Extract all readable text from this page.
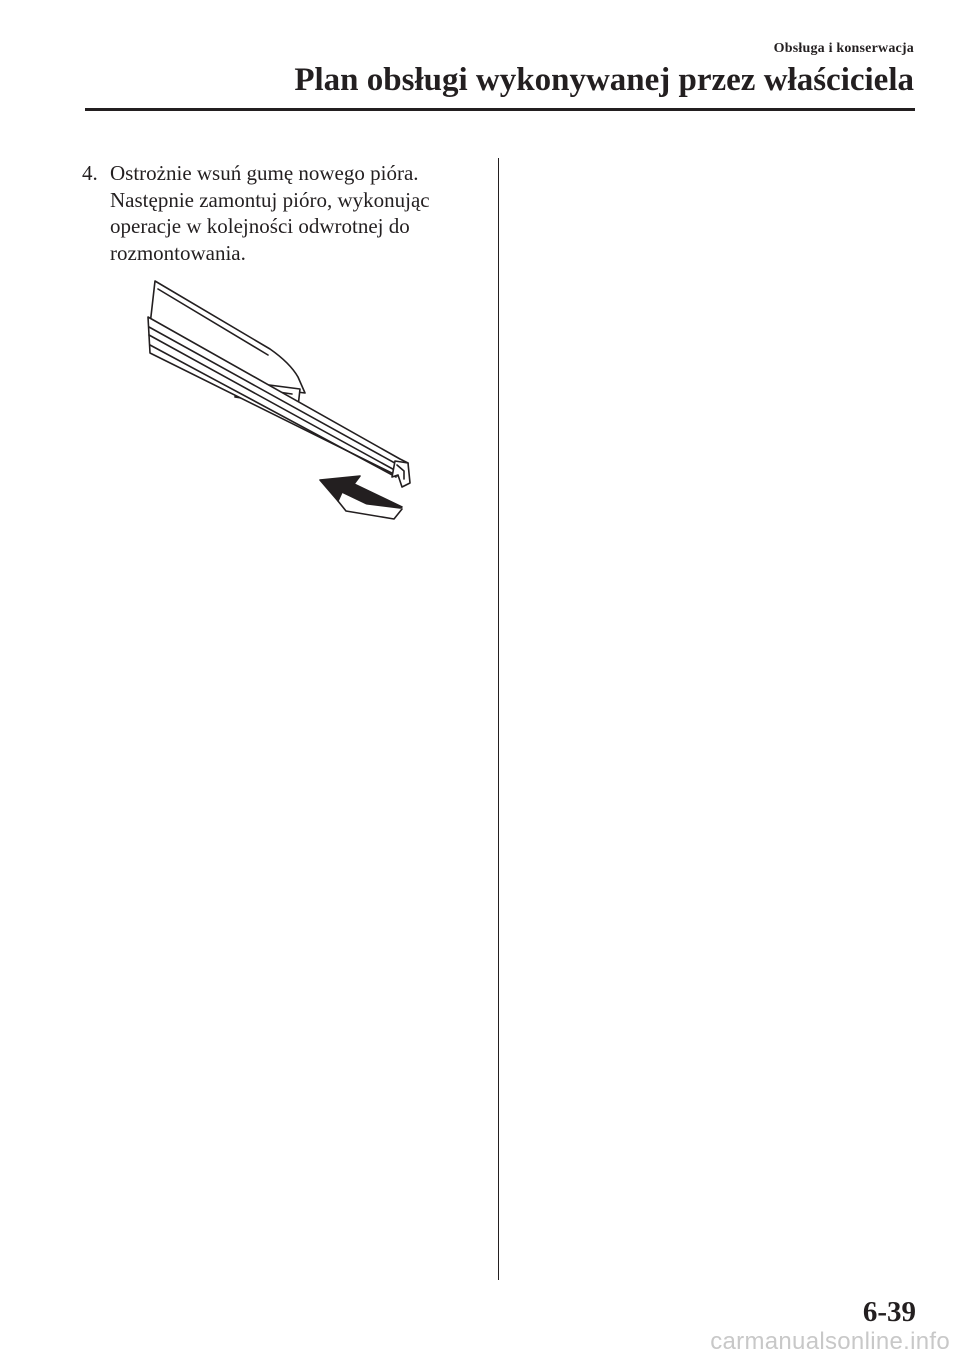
Obsługa i konserwacja
Plan obsługi wykonywanej przez właściciela
4. Ostrożnie wsuń gumę nowego pióra. Następnie zamontuj pióro, wykonując operacje w kolejności odwrotnej do rozmontowania.
6-39
carmanualsonline.info
